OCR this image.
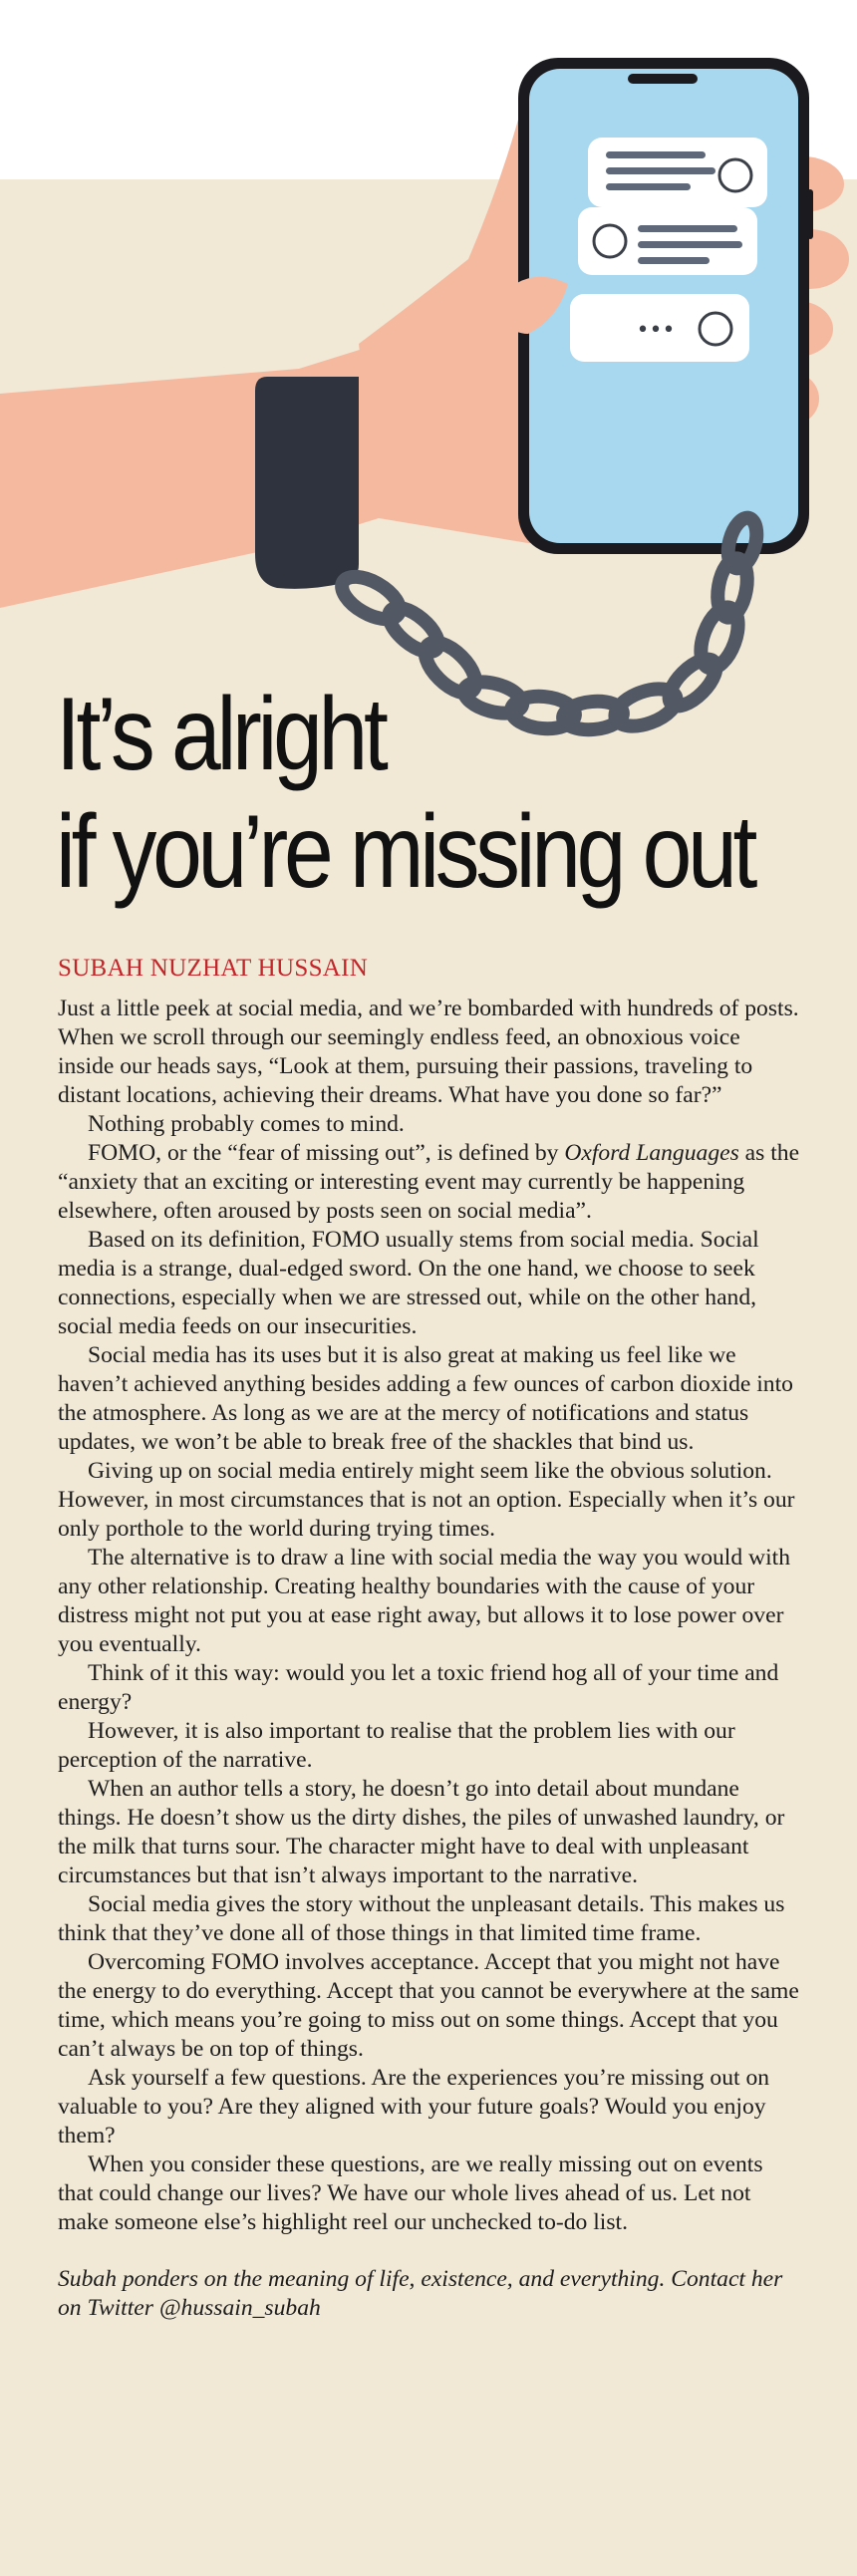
•••
It’s alright
if you’re missing out
SUBAH NUZHAT HUSSAIN

Just a little peek at social media, and we’re bombarded with hundreds of posts. When we scroll through our seemingly endless feed, an obnoxious voice inside our heads says, “Look at them, pursuing their passions, traveling to distant locations, achieving their dreams. What have you done so far?”

Nothing probably comes to mind.

FOMO, or the “fear of missing out”, is defined by Oxford Languages as the “anxiety that an exciting or interesting event may currently be happening elsewhere, often aroused by posts seen on social media”.

Based on its definition, FOMO usually stems from social media. Social media is a strange, dual-edged sword. On the one hand, we choose to seek connections, especially when we are stressed out, while on the other hand, social media feeds on our insecurities.

Social media has its uses but it is also great at making us feel like we haven’t achieved anything besides adding a few ounces of carbon dioxide into the atmosphere. As long as we are at the mercy of notifications and status updates, we won’t be able to break free of the shackles that bind us.

Giving up on social media entirely might seem like the obvious solution. However, in most circumstances that is not an option. Especially when it’s our only porthole to the world during trying times.

The alternative is to draw a line with social media the way you would with any other relationship. Creating healthy boundaries with the cause of your distress might not put you at ease right away, but allows it to lose power over you eventually.

Think of it this way: would you let a toxic friend hog all of your time and energy?

However, it is also important to realise that the problem lies with our perception of the narrative.

When an author tells a story, he doesn’t go into detail about mundane things. He doesn’t show us the dirty dishes, the piles of unwashed laundry, or the milk that turns sour. The character might have to deal with unpleasant circumstances but that isn’t always important to the narrative.

Social media gives the story without the unpleasant details. This makes us think that they’ve done all of those things in that limited time frame.

Overcoming FOMO involves acceptance. Accept that you might not have the energy to do everything. Accept that you cannot be everywhere at the same time, which means you’re going to miss out on some things. Accept that you can’t always be on top of things.

Ask yourself a few questions. Are the experiences you’re missing out on valuable to you? Are they aligned with your future goals? Would you enjoy them?

When you consider these questions, are we really missing out on events that could change our lives? We have our whole lives ahead of us. Let not make someone else’s highlight reel our unchecked to-do list.

Subah ponders on the meaning of life, existence, and everything. Contact her on Twitter @hussain_subah
